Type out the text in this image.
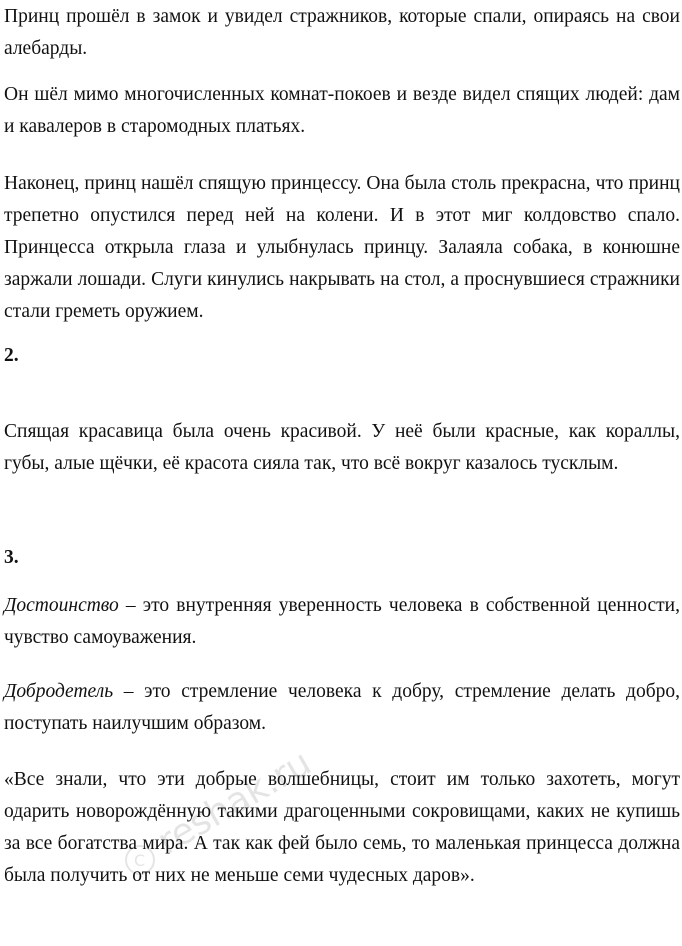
Принц прошёл в замок и увидел стражников, которые спали, опираясь на свои алебарды.

Он шёл мимо многочисленных комнат-покоев и везде видел спящих людей: дам и кавалеров в старомодных платьях.

Наконец, принц нашёл спящую принцессу. Она была столь прекрасна, что принц трепетно опустился перед ней на колени. И в этот миг колдовство спало. Принцесса открыла глаза и улыбнулась принцу. Залаяла собака, в конюшне заржали лошади. Слуги кинулись накрывать на стол, а проснувшиеся стражники стали греметь оружием.

2.

Спящая красавица была очень красивой. У неё были красные, как кораллы, губы, алые щёчки, её красота сияла так, что всё вокруг казалось тусклым.

3.

Достоинство – это внутренняя уверенность человека в собственной ценности, чувство самоуважения.

Добродетель – это стремление человека к добру, стремление делать добро, поступать наилучшим образом.

«Все знали, что эти добрые волшебницы, стоит им только захотеть, могут одарить новорождённую такими драгоценными сокровищами, каких не купишь за все богатства мира. А так как фей было семь, то маленькая принцесса должна была получить от них не меньше семи чудесных даров».

C reshak.ru
